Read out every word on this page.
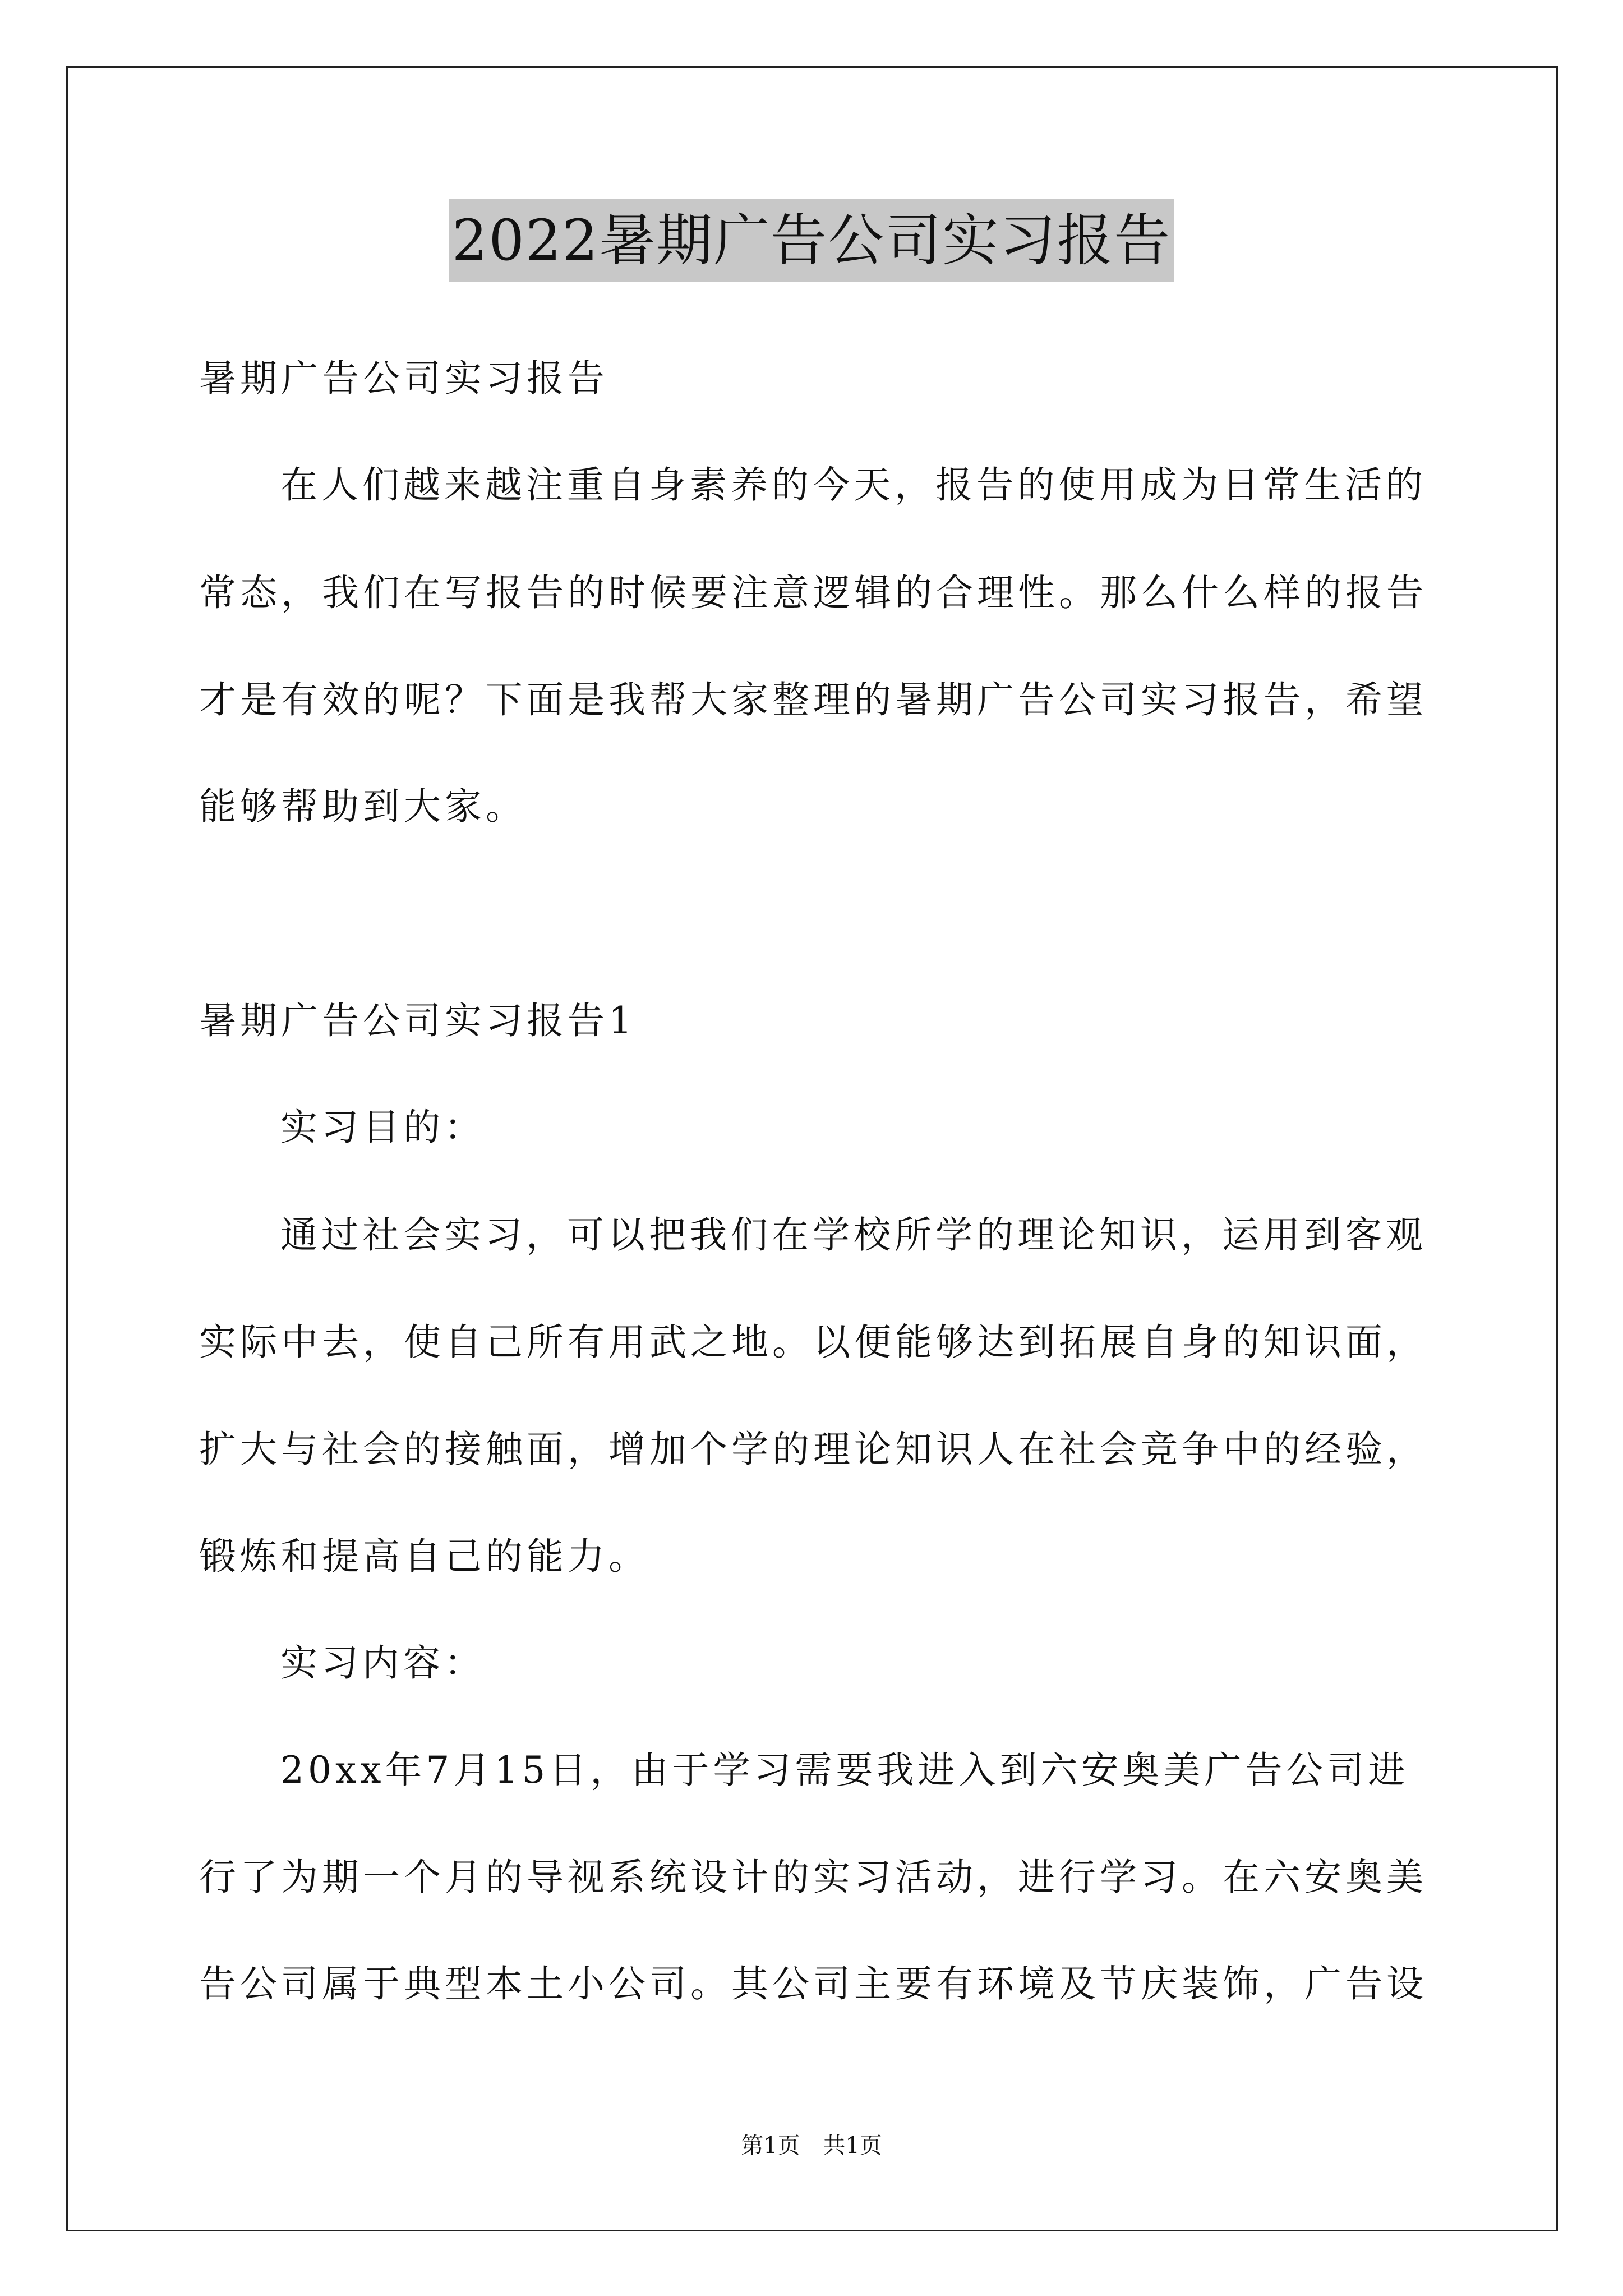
2022暑期广告公司实习报告
暑期广告公司实习报告
在人们越来越注重自身素养的今天，报告的使用成为日常生活的
常态，我们在写报告的时候要注意逻辑的合理性。那么什么样的报告
才是有效的呢？下面是我帮大家整理的暑期广告公司实习报告，希望
能够帮助到大家。
暑期广告公司实习报告1
实习目的：
通过社会实习，可以把我们在学校所学的理论知识，运用到客观
实际中去，使自己所有用武之地。以便能够达到拓展自身的知识面，
扩大与社会的接触面，增加个学的理论知识人在社会竞争中的经验，
锻炼和提高自己的能力。
实习内容：
20xx年7月15日，由于学习需要我进入到六安奥美广告公司进
行了为期一个月的导视系统设计的实习活动，进行学习。在六安奥美
告公司属于典型本土小公司。其公司主要有环境及节庆装饰，广告设
第1页 共1页
